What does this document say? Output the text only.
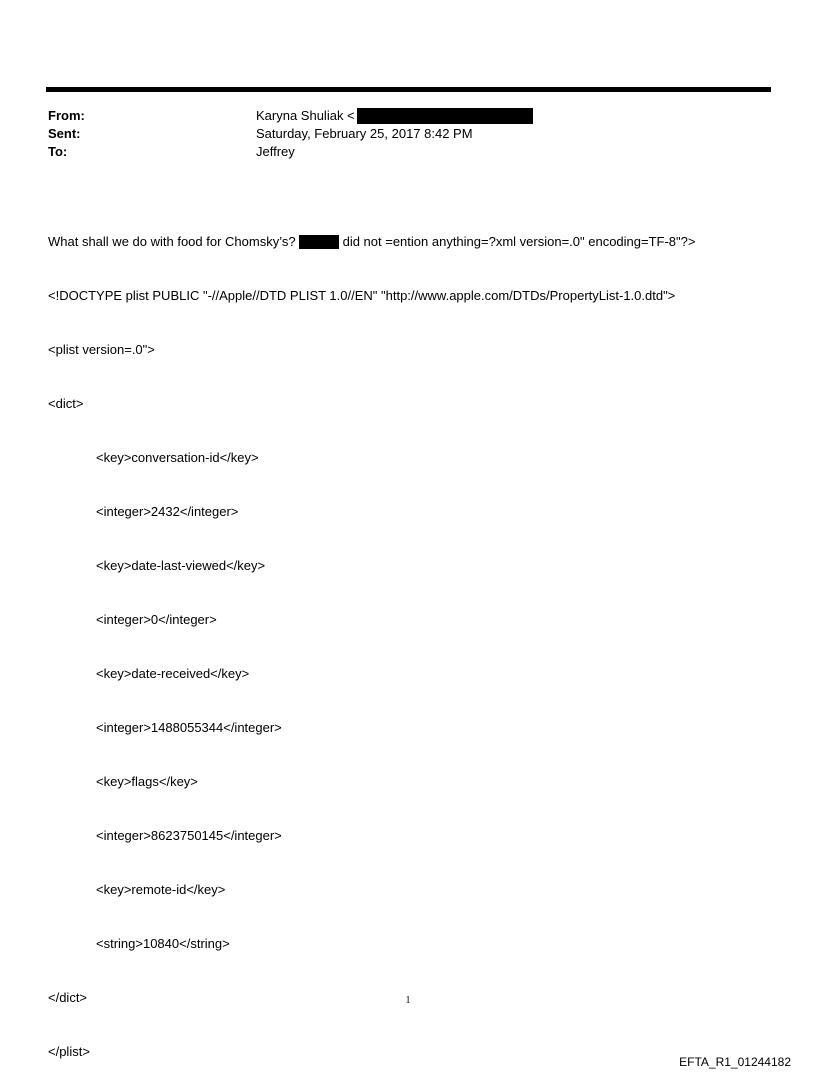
From:	Karyna Shuliak <
Sent:	Saturday, February 25, 2017 8:42 PM
To:	Jeffrey

What shall we do with food for Chomsky’s?	did not =ention anything=?xml version=.0" encoding=TF-8"?>

<!DOCTYPE plist PUBLIC "-//Apple//DTD PLIST 1.0//EN" "http://www.apple.com/DTDs/PropertyList-1.0.dtd">

<plist version=.0">

<dict>

<key>conversation-id</key>

<integer>2432</integer>

<key>date-last-viewed</key>

<integer>0</integer>

<key>date-received</key>

<integer>1488055344</integer>

<key>flags</key>

<integer>8623750145</integer>

<key>remote-id</key>

<string>10840</string>

</dict>

</plist>

1
EFTA_R1_01244182
